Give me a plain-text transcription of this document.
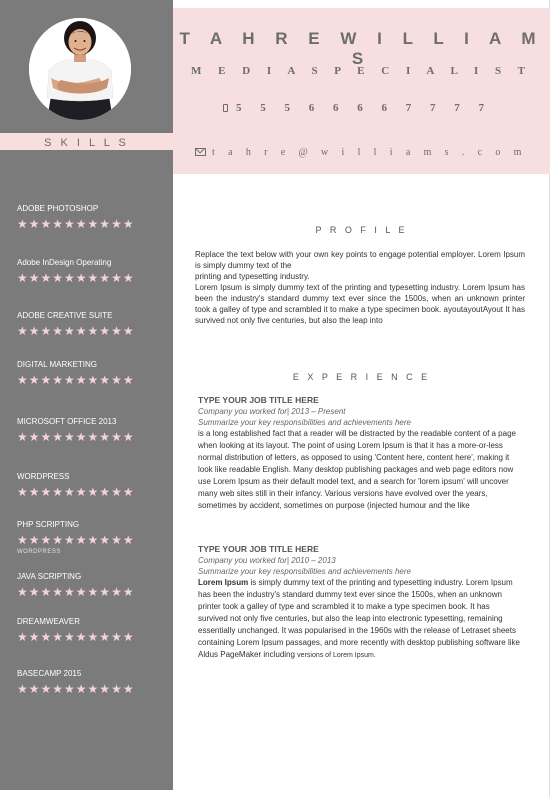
S K I L L S
ADOBE PHOTOSHOP
★★★★★★★★★★
Adobe InDesign Operating
★★★★★★★★★★
ADOBE CREATIVE SUITE
★★★★★★★★★★
DIGITAL MARKETING
★★★★★★★★★★
MICROSOFT OFFICE 2013
★★★★★★★★★★
WORDPRESS
★★★★★★★★★★
PHP SCRIPTING
★★★★★★★★★★
WORDPRESS
JAVA SCRIPTING
★★★★★★★★★★
DREAMWEAVER
★★★★★★★★★★
BASECAMP 2015
★★★★★★★★★★
T A H R E W I L L I A M S
M E D I A S P E C I A L I S T
5 5 5 6 6 6 6 7 7 7 7
t a h r e @ w i l l i a m s . c o m
P R O F I L E
Replace the text below with your own key points to engage potential employer. Lorem Ipsum is simply dummy text of the
printing and typesetting industry.
Lorem Ipsum is simply dummy text of the printing and typesetting industry. Lorem Ipsum has been the industry's standard dummy text ever since the 1500s, when an unknown printer took a galley of type and scrambled it to make a type specimen book. ayoutayoutAyout It has survived not only five centuries, but also the leap into
E X P E R I E N C E
TYPE YOUR JOB TITLE HERE
Company you worked for| 2013 – Present
Summarize your key responsibilities and achievements here
is a long established fact that a reader will be distracted by the readable content of a page when looking at its layout. The point of using Lorem Ipsum is that it has a more-or-less normal distribution of letters, as opposed to using 'Content here, content here', making it look like readable English. Many desktop publishing packages and web page editors now use Lorem Ipsum as their default model text, and a search for 'lorem ipsum' will uncover many web sites still in their infancy. Various versions have evolved over the years, sometimes by accident, sometimes on purpose (injected humour and the like
TYPE YOUR JOB TITLE HERE
Company you worked for| 2010 – 2013
Summarize your key responsibilities and achievements here
Lorem Ipsum is simply dummy text of the printing and typesetting industry. Lorem Ipsum has been the industry's standard dummy text ever since the 1500s, when an unknown printer took a galley of type and scrambled it to make a type specimen book. It has survived not only five centuries, but also the leap into electronic typesetting, remaining essentially unchanged. It was popularised in the 1960s with the release of Letraset sheets containing Lorem Ipsum passages, and more recently with desktop publishing software like Aldus PageMaker including versions of Lorem Ipsum.
